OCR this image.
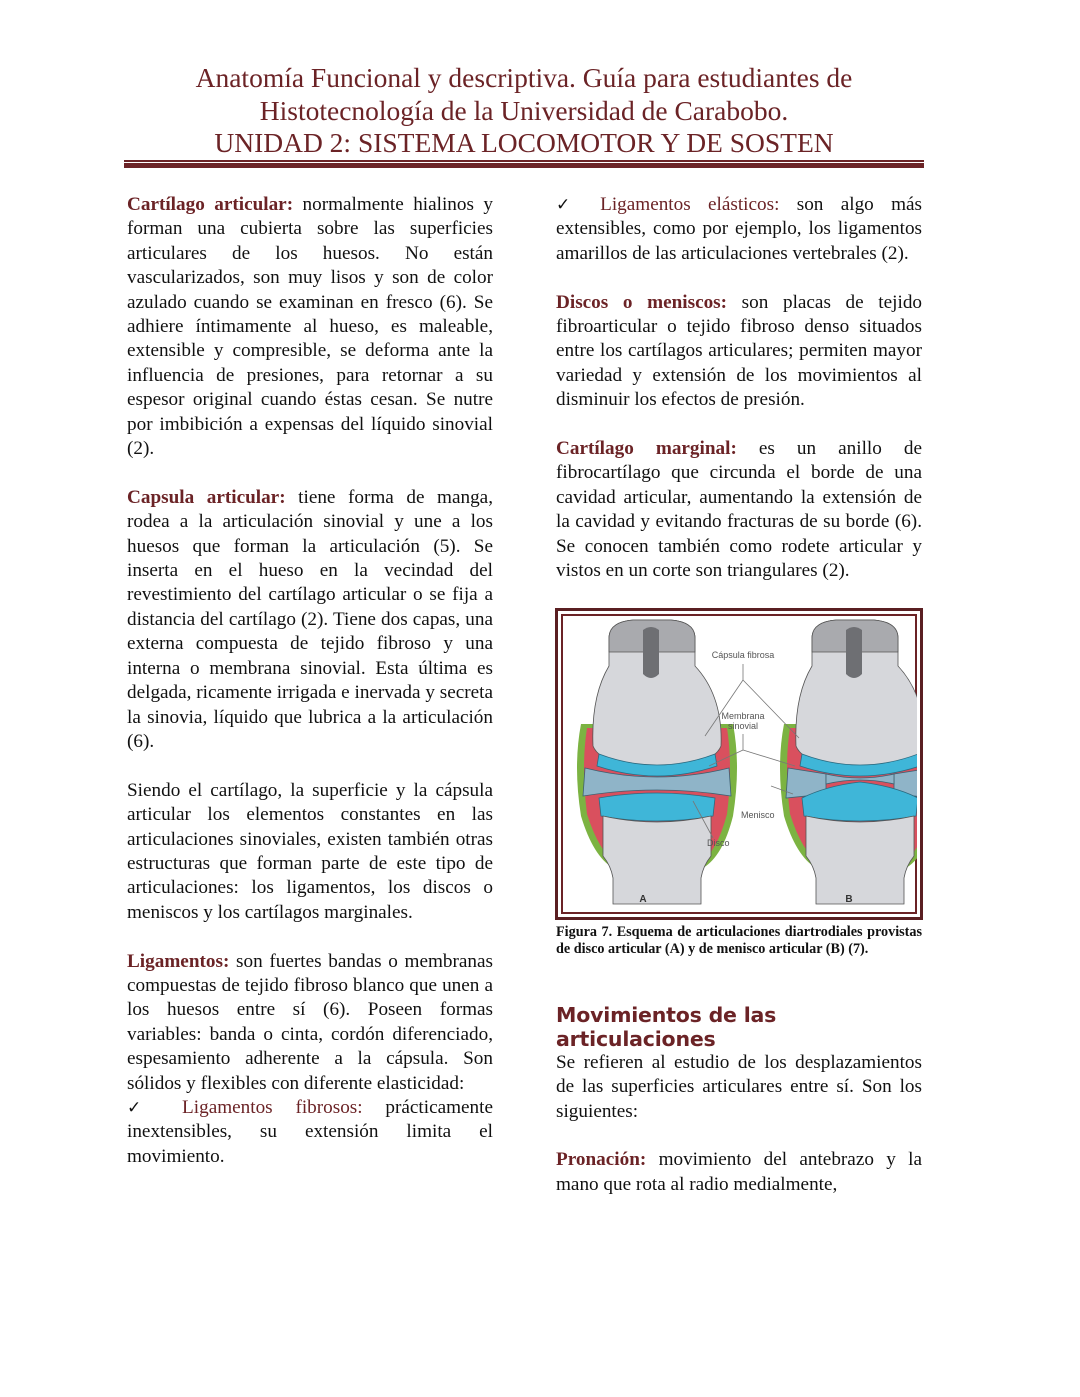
Anatomía Funcional y descriptiva. Guía para estudiantes de
Histotecnología de la Universidad de Carabobo.
UNIDAD 2: SISTEMA LOCOMOTOR Y DE SOSTEN

Cartílago articular: normalmente hialinos y forman una cubierta sobre las superficies articulares de los huesos. No están vascularizados, son muy lisos y son de color azulado cuando se examinan en fresco (6). Se adhiere íntimamente al hueso, es maleable, extensible y compresible, se deforma ante la influencia de presiones, para retornar a su espesor original cuando éstas cesan. Se nutre por imbibición a expensas del líquido sinovial (2).

Capsula articular: tiene forma de manga, rodea a la articulación sinovial y une a los huesos que forman la articulación (5). Se inserta en el hueso en la vecindad del revestimiento del cartílago articular o se fija a distancia del cartílago (2). Tiene dos capas, una externa compuesta de tejido fibroso y una interna o membrana sinovial. Esta última es delgada, ricamente irrigada e inervada y secreta la sinovia, líquido que lubrica a la articulación (6).

Siendo el cartílago, la superficie y la cápsula articular los elementos constantes en las articulaciones sinoviales, existen también otras estructuras que forman parte de este tipo de articulaciones: los ligamentos, los discos o meniscos y los cartílagos marginales.

Ligamentos: son fuertes bandas o membranas compuestas de tejido fibroso blanco que unen a los huesos entre sí (6). Poseen formas variables: banda o cinta, cordón diferenciado, espesamiento adherente a la cápsula. Son sólidos y flexibles con diferente elasticidad:

✓ Ligamentos fibrosos: prácticamente inextensibles, su extensión limita el movimiento.

✓ Ligamentos elásticos: son algo más extensibles, como por ejemplo, los ligamentos amarillos de las articulaciones vertebrales (2).

Discos o meniscos: son placas de tejido fibroarticular o tejido fibroso denso situados entre los cartílagos articulares; permiten mayor variedad y extensión de los movimientos al disminuir los efectos de presión.

Cartílago marginal: es un anillo de fibrocartílago que circunda el borde de una cavidad articular, aumentando la extensión de la cavidad y evitando fracturas de su borde (6). Se conocen también como rodete articular y vistos en un corte son triangulares (2).

Cápsula fibrosa
Membrana
sinovial
Menisco
Disco
A	B

Figura 7. Esquema de articulaciones diartrodiales provistas de disco articular (A) y de menisco articular (B) (7).

Movimientos de las articulaciones

Se refieren al estudio de los desplazamientos de las superficies articulares entre sí. Son los siguientes:

Pronación: movimiento del antebrazo y la mano que rota al radio medialmente,
